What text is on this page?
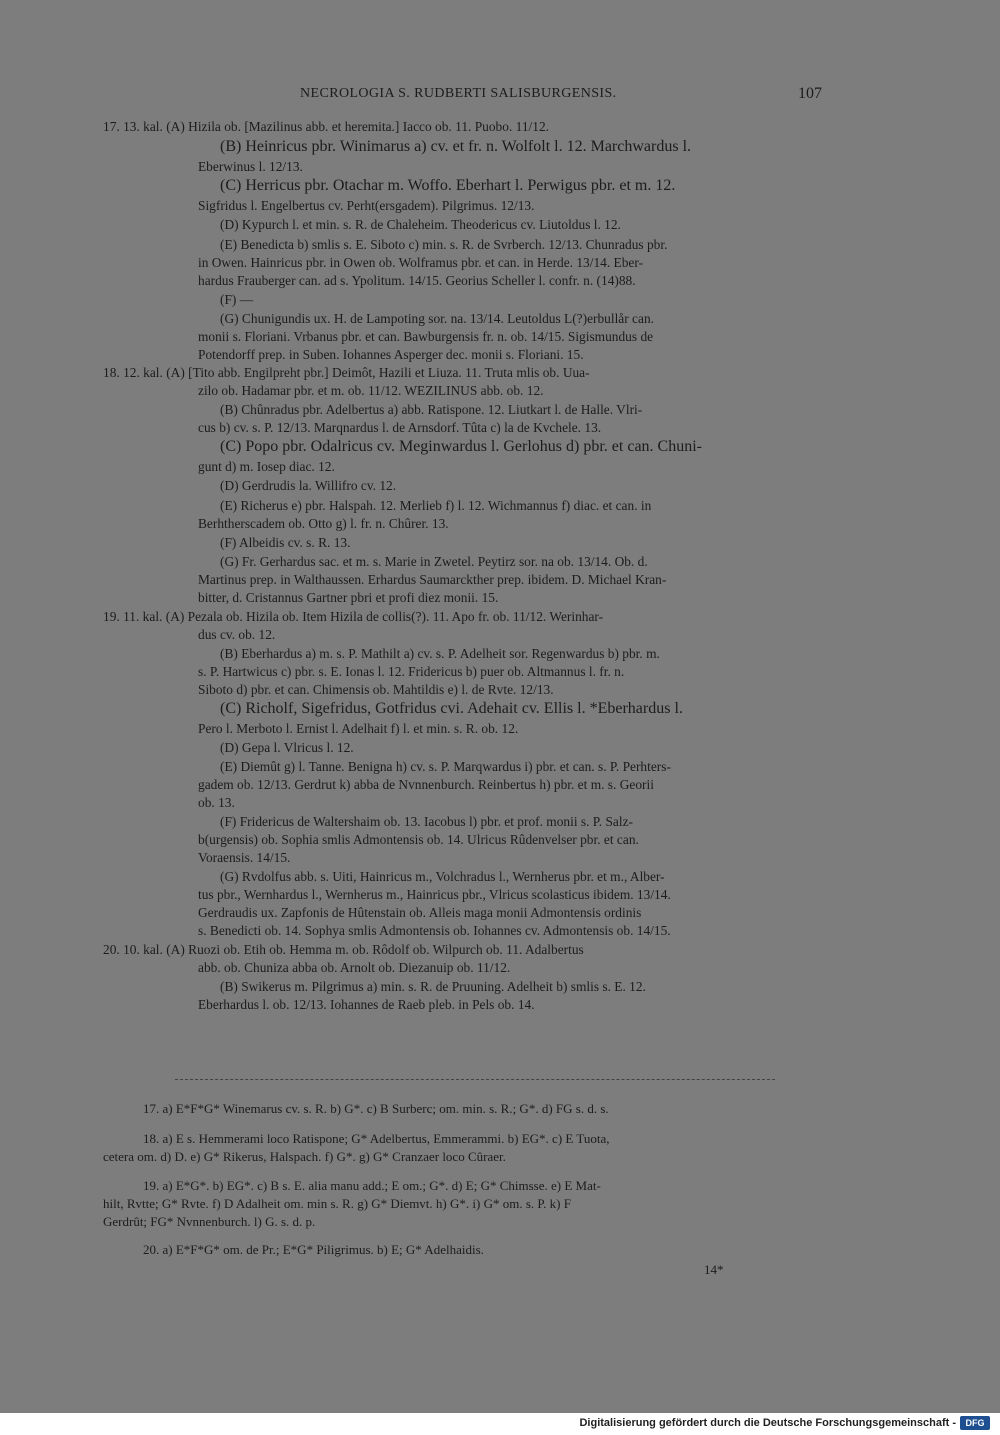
NECROLOGIA S. RUDBERTI SALISBURGENSIS.	107
17. 13. kal. (A) Hizila ob. [Mazilinus abb. et heremita.] Iacco ob. 11. Puobo. 11/12.
(B) Heinricus pbr. Winimarus a) cv. et fr. n. Wolfolt l. 12. Marchwardus l.
Eberwinus l. 12/13.
(C) Herricus pbr. Otachar m. Woffo. Eberhart l. Perwigus pbr. et m. 12.
Sigfridus l. Engelbertus cv. Perht(ersgadem). Pilgrimus. 12/13.
(D) Kypurch l. et min. s. R. de Chaleheim. Theodericus cv. Liutoldus l. 12.
(E) Benedicta b) smlis s. E. Siboto c) min. s. R. de Svrberch. 12/13. Chunradus pbr.
in Owen. Hainricus pbr. in Owen ob. Wolframus pbr. et can. in Herde. 13/14. Eber-
hardus Frauberger can. ad s. Ypolitum. 14/15. Georius Scheller l. confr. n. (14)88.
(F) —
(G) Chunigundis ux. H. de Lampoting sor. na. 13/14. Leutoldus L(?)erbullår can.
monii s. Floriani. Vrbanus pbr. et can. Bawburgensis fr. n. ob. 14/15. Sigismundus de
Potendorff prep. in Suben. Iohannes Asperger dec. monii s. Floriani. 15.
18. 12. kal. (A) [Tito abb. Engilpreht pbr.] Deimôt, Hazili et Liuza. 11. Truta mlis ob. Uua-
zilo ob. Hadamar pbr. et m. ob. 11/12. WEZILINUS abb. ob. 12.
(B) Chûnradus pbr. Adelbertus a) abb. Ratispone. 12. Liutkart l. de Halle. Vlri-
cus b) cv. s. P. 12/13. Marqnardus l. de Arnsdorf. Tûta c) la de Kvchele. 13.
(C) Popo pbr. Odalricus cv. Meginwardus l. Gerlohus d) pbr. et can. Chuni-
gunt d) m. Iosep diac. 12.
(D) Gerdrudis la. Willifro cv. 12.
(E) Richerus e) pbr. Halspah. 12. Merlieb f) l. 12. Wichmannus f) diac. et can. in
Berhtherscadem ob. Otto g) l. fr. n. Chûrer. 13.
(F) Albeidis cv. s. R. 13.
(G) Fr. Gerhardus sac. et m. s. Marie in Zwetel. Peytirz sor. na ob. 13/14. Ob. d.
Martinus prep. in Walthaussen. Erhardus Saumarckther prep. ibidem. D. Michael Kran-
bitter, d. Cristannus Gartner pbri et profi diez monii. 15.
19. 11. kal. (A) Pezala ob. Hizila ob. Item Hizila de collis(?). 11. Apo fr. ob. 11/12. Werinhar-
dus cv. ob. 12.
(B) Eberhardus a) m. s. P. Mathilt a) cv. s. P. Adelheit sor. Regenwardus b) pbr. m.
s. P. Hartwicus c) pbr. s. E. Ionas l. 12. Fridericus b) puer ob. Altmannus l. fr. n.
Siboto d) pbr. et can. Chimensis ob. Mahtildis e) l. de Rvte. 12/13.
(C) Richolf, Sigefridus, Gotfridus cvi. Adehait cv. Ellis l. *Eberhardus l.
Pero l. Merboto l. Ernist l. Adelhait f) l. et min. s. R. ob. 12.
(D) Gepa l. Vlricus l. 12.
(E) Diemût g) l. Tanne. Benigna h) cv. s. P. Marqwardus i) pbr. et can. s. P. Perhters-
gadem ob. 12/13. Gerdrut k) abba de Nvnnenburch. Reinbertus h) pbr. et m. s. Georii
ob. 13.
(F) Fridericus de Waltershaim ob. 13. Iacobus l) pbr. et prof. monii s. P. Salz-
b(urgensis) ob. Sophia smlis Admontensis ob. 14. Ulricus Rûdenvelser pbr. et can.
Voraensis. 14/15.
(G) Rvdolfus abb. s. Uiti, Hainricus m., Volchradus l., Wernherus pbr. et m., Alber-
tus pbr., Wernhardus l., Wernherus m., Hainricus pbr., Vlricus scolasticus ibidem. 13/14.
Gerdraudis ux. Zapfonis de Hûtenstain ob. Alleis maga monii Admontensis ordinis
s. Benedicti ob. 14. Sophya smlis Admontensis ob. Iohannes cv. Admontensis ob. 14/15.
20. 10. kal. (A) Ruozi ob. Etih ob. Hemma m. ob. Rôdolf ob. Wilpurch ob. 11. Adalbertus
abb. ob. Chuniza abba ob. Arnolt ob. Diezanuip ob. 11/12.
(B) Swikerus m. Pilgrimus a) min. s. R. de Pruuning. Adelheit b) smlis s. E. 12.
Eberhardus l. ob. 12/13. Iohannes de Raeb pleb. in Pels ob. 14.
17. a) E*F*G* Winemarus cv. s. R. b) G*. c) B Surberc; om. min. s. R.; G*. d) FG s. d. s.
18. a) E s. Hemmerami loco Ratispone; G* Adelbertus, Emmerammi. b) EG*. c) E Tuota,
cetera om. d) D. e) G* Rikerus, Halspach. f) G*. g) G* Cranzaer loco Cûraer.
19. a) E*G*. b) EG*. c) B s. E. alia manu add.; E om.; G*. d) E; G* Chimsse. e) E Mat-
hilt, Rvtte; G* Rvte. f) D Adalheit om. min s. R. g) G* Diemvt. h) G*. i) G* om. s. P. k) F
Gerdrût; FG* Nvnnenburch. l) G. s. d. p.
20. a) E*F*G* om. de Pr.; E*G* Piligrimus. b) E; G* Adelhaidis.
14*
Digitalisierung gefördert durch die Deutsche Forschungsgemeinschaft -	DFG
